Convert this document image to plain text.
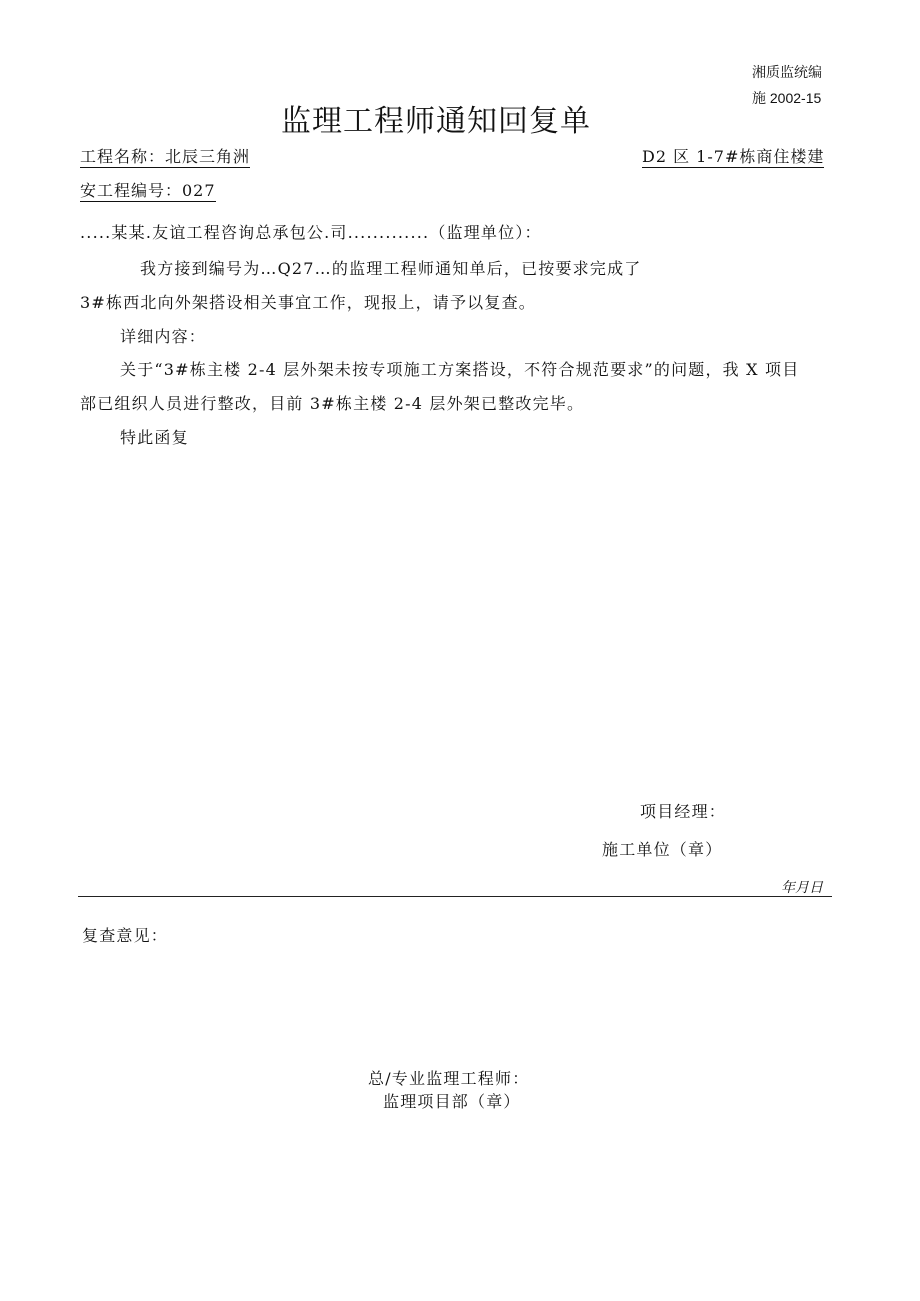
湘质监统编
施 2002-15
监理工程师通知回复单
工程名称：北辰三角洲	D2 区 1-7#栋商住楼建
安工程编号：027
.....某某.友谊工程咨询总承包公.司.............（监理单位）：
我方接到编号为…Q27…的监理工程师通知单后，已按要求完成了
3#栋西北向外架搭设相关事宜工作，现报上，请予以复查。
详细内容：
关于“3#栋主楼 2-4 层外架未按专项施工方案搭设，不符合规范要求”的问题，我 X 项目
部已组织人员进行整改，目前 3#栋主楼 2-4 层外架已整改完毕。
特此函复
项目经理：
施工单位（章）
年月日
复查意见：
总/专业监理工程师：
监理项目部（章）
